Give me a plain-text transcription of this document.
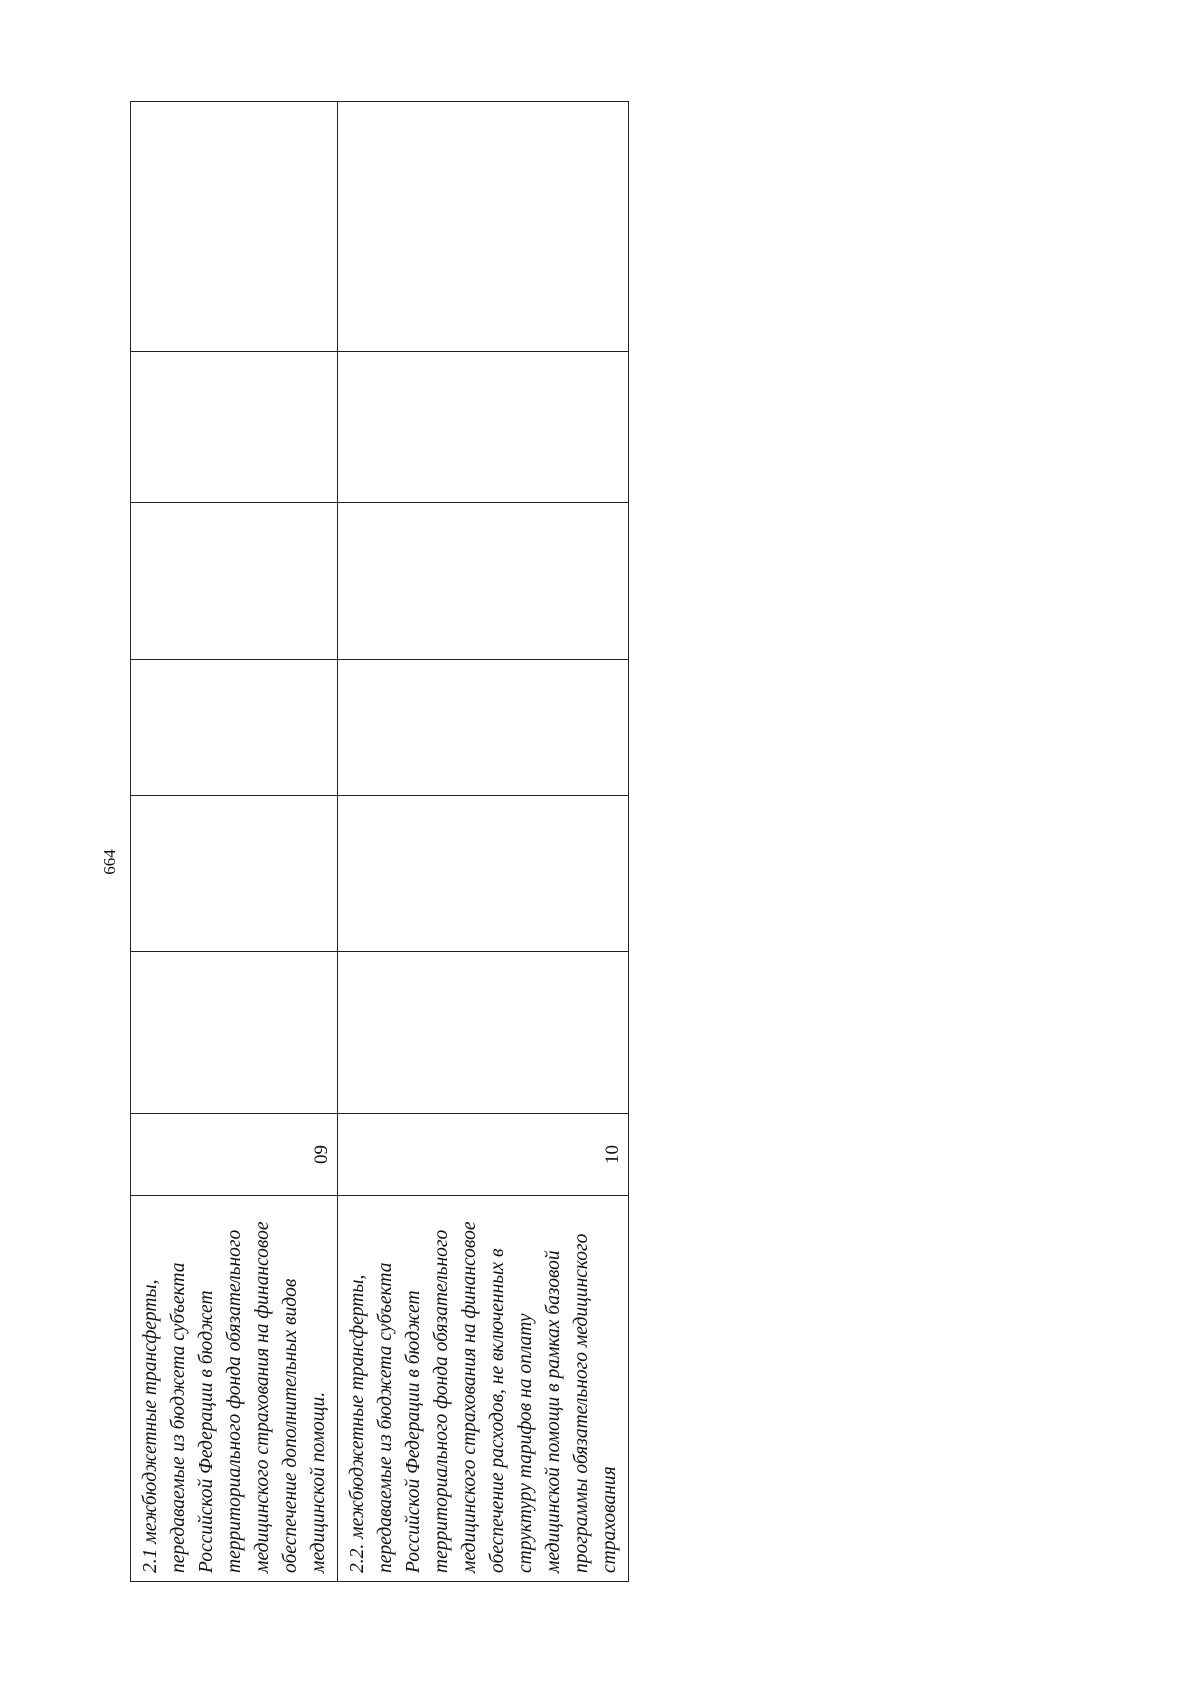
664
2.1 межбюджетные трансферты, передаваемые из бюджета субъекта Российской Федерации в бюджет территориального фонда обязательного медицинского страхования на финансовое обеспечение дополнительных видов медицинской помощи.	09						
2.2. межбюджетные трансферты, передаваемые из бюджета субъекта Российской Федерации в бюджет территориального фонда обязательного медицинского страхования на финансовое обеспечение расходов, не включенных в структуру тарифов на оплату медицинской помощи в рамках базовой программы обязательного медицинского страхования	10						
